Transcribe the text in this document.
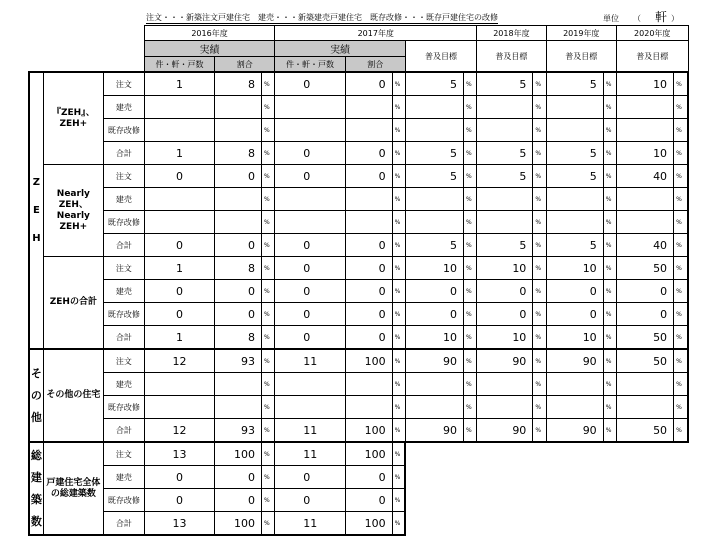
注文・・・新築注文戸建住宅　建売・・・新築建売戸建住宅　既存改修・・・既存戸建住宅の改修	単位 （ 軒 ）
			2016年度			2017年度					2018年度		2019年度		2020年度	
			実績			実績			普及目標		普及目標		普及目標		普及目標	
			件・軒・戸数	割合		件・軒・戸数	割合									
Z E H	『ZEH』、ZEH+	注文	1	8	%	0	0	%	5	%	5	%	5	%	10	%
		建売			%			%		%		%		%		%
		既存改修			%			%		%		%		%		%
		合計	1	8	%	0	0	%	5	%	5	%	5	%	10	%
	Nearly ZEH、Nearly ZEH+	注文	0	0	%	0	0	%	5	%	5	%	5	%	40	%
		建売			%			%		%		%		%		%
		既存改修			%			%		%		%		%		%
		合計	0	0	%	0	0	%	5	%	5	%	5	%	40	%
	ZEHの合計	注文	1	8	%	0	0	%	10	%	10	%	10	%	50	%
		建売	0	0	%	0	0	%	0	%	0	%	0	%	0	%
		既存改修	0	0	%	0	0	%	0	%	0	%	0	%	0	%
		合計	1	8	%	0	0	%	10	%	10	%	10	%	50	%
そ の 他	その他の住宅	注文	12	93	%	11	100	%	90	%	90	%	90	%	50	%
		建売			%			%		%		%		%		%
		既存改修			%			%		%		%		%		%
		合計	12	93	%	11	100	%	90	%	90	%	90	%	50	%
総 建 築 数	戸建住宅全体の総建築数	注文	13	100	%	11	100	%								
		建売	0	0	%	0	0	%								
		既存改修	0	0	%	0	0	%								
		合計	13	100	%	11	100	%								
